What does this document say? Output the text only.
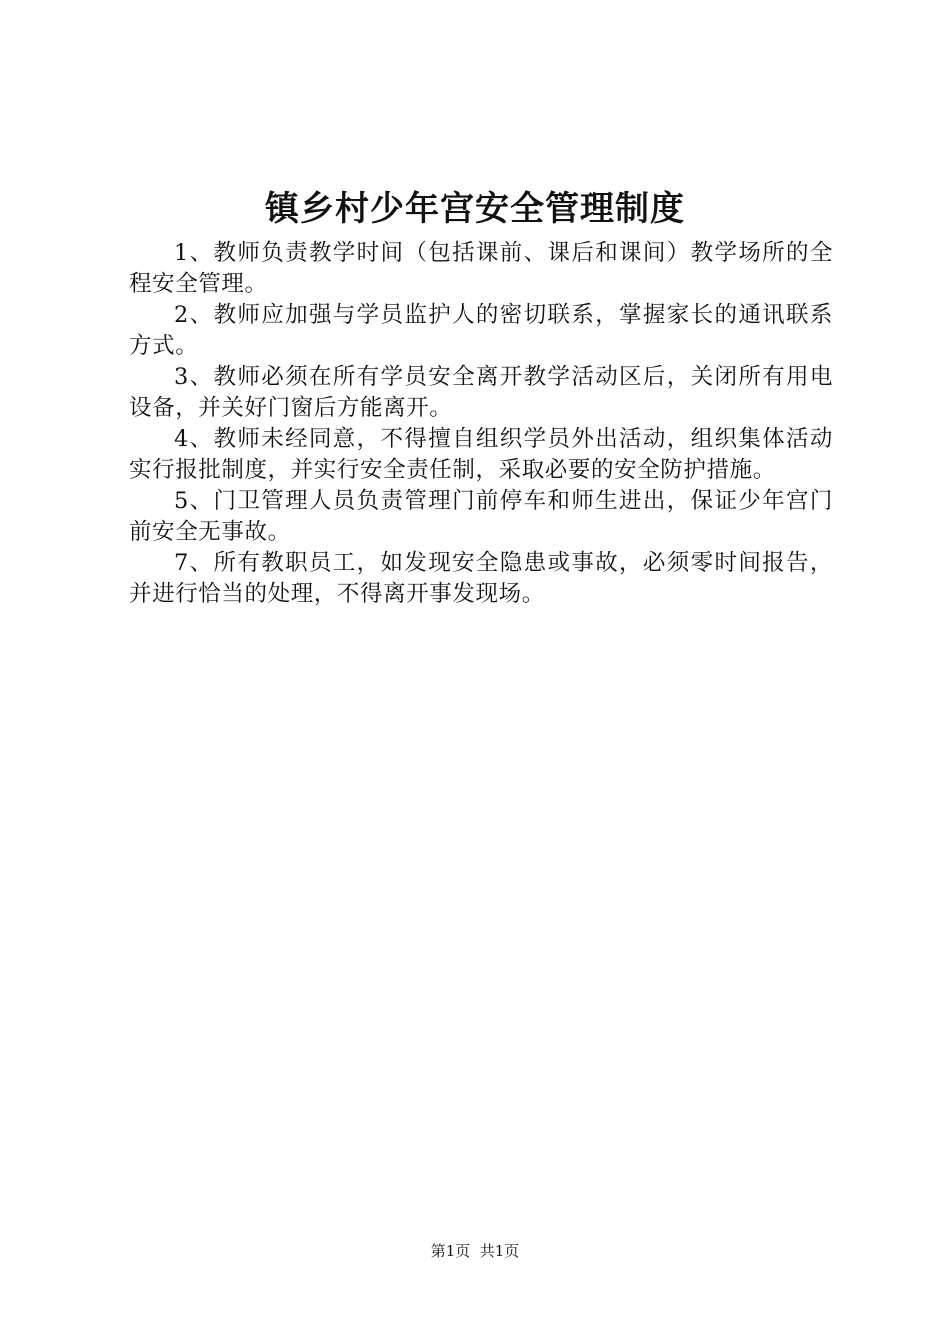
镇乡村少年宫安全管理制度

1、教师负责教学时间（包括课前、课后和课间）教学场所的全程安全管理。

2、教师应加强与学员监护人的密切联系，掌握家长的通讯联系方式。

3、教师必须在所有学员安全离开教学活动区后，关闭所有用电设备，并关好门窗后方能离开。

4、教师未经同意，不得擅自组织学员外出活动，组织集体活动实行报批制度，并实行安全责任制，采取必要的安全防护措施。

5、门卫管理人员负责管理门前停车和师生进出，保证少年宫门前安全无事故。

7、所有教职员工，如发现安全隐患或事故，必须零时间报告，并进行恰当的处理，不得离开事发现场。

第1页  共1页
